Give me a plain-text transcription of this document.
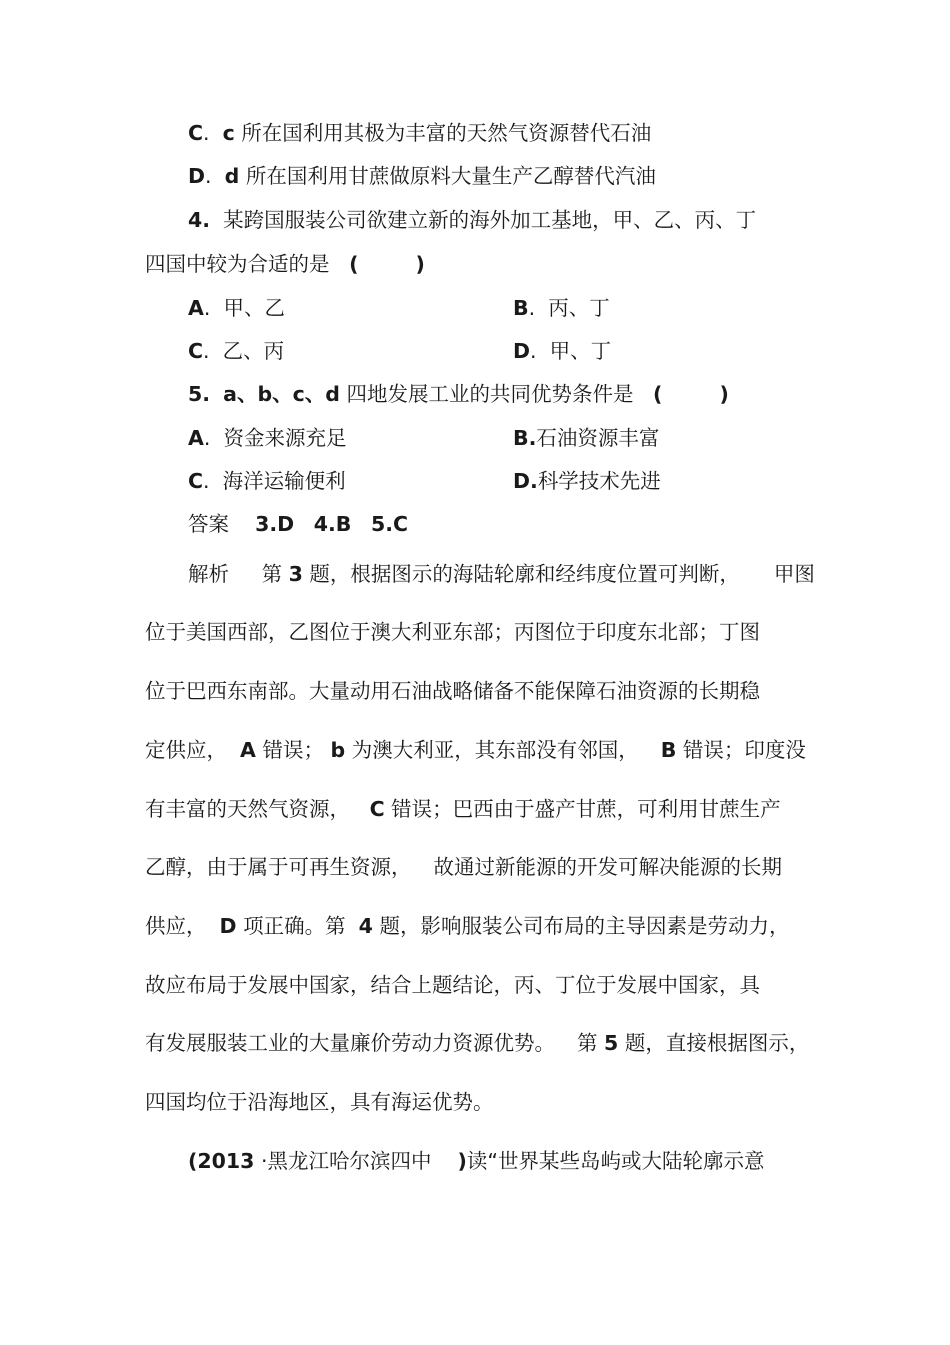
C. c 所在国利用其极为丰富的天然气资源替代石油
D. d 所在国利用甘蔗做原料大量生产乙醇替代汽油
4. 某跨国服装公司欲建立新的海外加工基地，甲、乙、丙、丁
四国中较为合适的是 (        )
A. 甲、乙	B. 丙、丁
C. 乙、丙	D. 甲、丁
5. a、b、c、d 四地发展工业的共同优势条件是 (        )
A. 资金来源充足	B.石油资源丰富
C. 海洋运输便利	D.科学技术先进
答案 3.D 4.B 5.C
解析 第 3 题，根据图示的海陆轮廓和经纬度位置可判断， 甲图
位于美国西部，乙图位于澳大利亚东部；丙图位于印度东北部；丁图
位于巴西东南部。大量动用石油战略储备不能保障石油资源的长期稳
定供应， A 错误； b 为澳大利亚，其东部没有邻国， B 错误；印度没
有丰富的天然气资源， C 错误；巴西由于盛产甘蔗，可利用甘蔗生产
乙醇，由于属于可再生资源， 故通过新能源的开发可解决能源的长期
供应， D 项正确。第 4 题，影响服装公司布局的主导因素是劳动力，
故应布局于发展中国家，结合上题结论，丙、丁位于发展中国家，具
有发展服装工业的大量廉价劳动力资源优势。 第 5 题，直接根据图示，
四国均位于沿海地区，具有海运优势。
(2013 ·黑龙江哈尔滨四中 )读“世界某些岛屿或大陆轮廓示意
